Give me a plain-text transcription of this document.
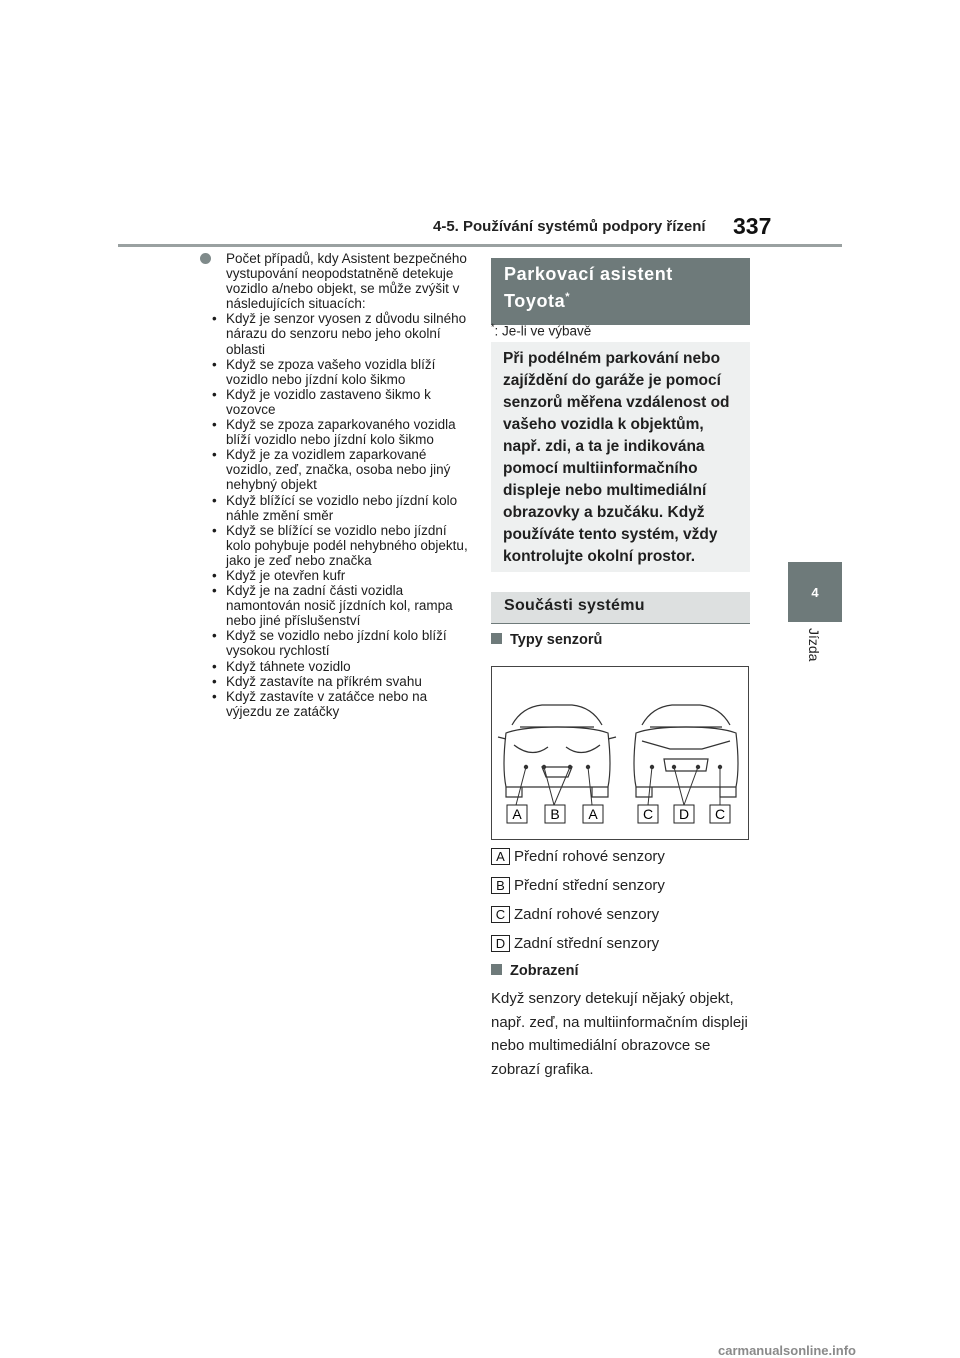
4-5. Používání systémů podpory řízení 337
4
Jízda
Počet případů, kdy Asistent bezpečného vystupování neopodstatněně detekuje vozidlo a/nebo objekt, se může zvýšit v následujících situacích:
• Když je senzor vyosen z důvodu silného nárazu do senzoru nebo jeho okolní oblasti
• Když se zpoza vašeho vozidla blíží vozidlo nebo jízdní kolo šikmo
• Když je vozidlo zastaveno šikmo k vozovce
• Když se zpoza zaparkovaného vozidla blíží vozidlo nebo jízdní kolo šikmo
• Když je za vozidlem zaparkované vozidlo, zeď, značka, osoba nebo jiný nehybný objekt
• Když blížící se vozidlo nebo jízdní kolo náhle změní směr
• Když se blížící se vozidlo nebo jízdní kolo pohybuje podél nehybného objektu, jako je zeď nebo značka
• Když je otevřen kufr
• Když je na zadní části vozidla namontován nosič jízdních kol, rampa nebo jiné příslušenství
• Když se vozidlo nebo jízdní kolo blíží vysokou rychlostí
• Když táhnete vozidlo
• Když zastavíte na příkrém svahu
• Když zastavíte v zatáčce nebo na výjezdu ze zatáčky
Parkovací asistent
Toyota*
*: Je-li ve výbavě
Při podélném parkování nebo zajíždění do garáže je pomocí senzorů měřena vzdálenost od vašeho vozidla k objektům, např. zdi, a ta je indikována pomocí multiinformačního displeje nebo multimediální obrazovky a bzučáku. Když používáte tento systém, vždy kontrolujte okolní prostor.
Součásti systému
Typy senzorů
A B A	C D C
A Přední rohové senzory
B Přední střední senzory
C Zadní rohové senzory
D Zadní střední senzory
Zobrazení
Když senzory detekují nějaký objekt, např. zeď, na multiinformačním displeji nebo multimediální obrazovce se zobrazí grafika.
carmanualsonline.info
